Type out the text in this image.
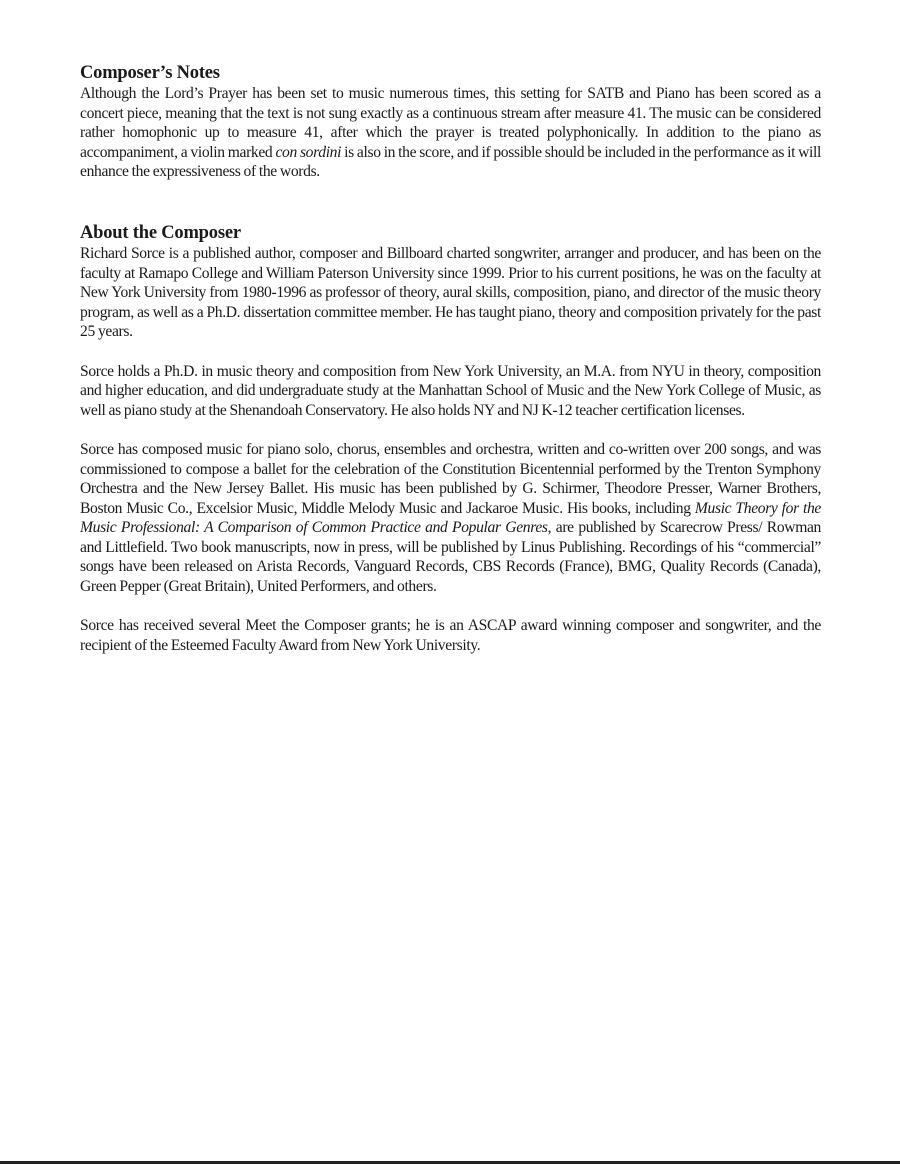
Composer’s Notes

Although the Lord’s Prayer has been set to music numerous times, this setting for SATB and Piano has been scored as a concert piece, meaning that the text is not sung exactly as a continuous stream after measure 41. The music can be considered rather homophonic up to measure 41, after which the prayer is treated polyphonically. In addition to the piano as accompaniment, a violin marked con sordini is also in the score, and if possible should be included in the performance as it will enhance the expressiveness of the words.

About the Composer

Richard Sorce is a published author, composer and Billboard charted songwriter, arranger and producer, and has been on the faculty at Ramapo College and William Paterson University since 1999. Prior to his current positions, he was on the faculty at New York University from 1980-1996 as professor of theory, aural skills, composition, piano, and director of the music theory program, as well as a Ph.D. dissertation committee member. He has taught piano, theory and composition privately for the past 25 years.

Sorce holds a Ph.D. in music theory and composition from New York University, an M.A. from NYU in theory, composition and higher education, and did undergraduate study at the Manhattan School of Music and the New York College of Music, as well as piano study at the Shenandoah Conservatory. He also holds NY and NJ K-12 teacher certification licenses.

Sorce has composed music for piano solo, chorus, ensembles and orchestra, written and co-written over 200 songs, and was commissioned to compose a ballet for the celebration of the Constitution Bicentennial performed by the Trenton Symphony Orchestra and the New Jersey Ballet. His music has been published by G. Schirmer, Theodore Presser, Warner Brothers, Boston Music Co., Excelsior Music, Middle Melody Music and Jackaroe Music. His books, including Music Theory for the Music Professional: A Comparison of Common Practice and Popular Genres, are published by Scarecrow Press/ Rowman and Littlefield. Two book manuscripts, now in press, will be published by Linus Publishing. Recordings of his “commercial” songs have been released on Arista Records, Vanguard Records, CBS Records (France), BMG, Quality Records (Canada), Green Pepper (Great Britain), United Performers, and others.

Sorce has received several Meet the Composer grants; he is an ASCAP award winning composer and songwriter, and the recipient of the Esteemed Faculty Award from New York University.
